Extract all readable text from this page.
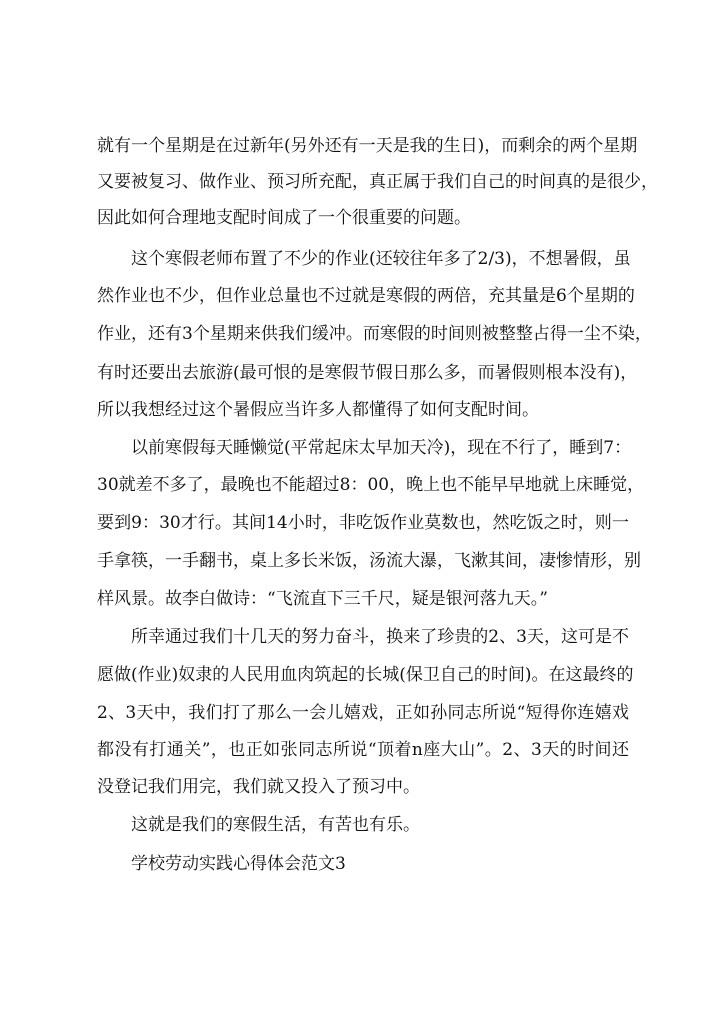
就有一个星期是在过新年(另外还有一天是我的生日)，而剩余的两个星期
又要被复习、做作业、预习所充配，真正属于我们自己的时间真的是很少，
因此如何合理地支配时间成了一个很重要的问题。
这个寒假老师布置了不少的作业(还较往年多了2/3)，不想暑假，虽
然作业也不少，但作业总量也不过就是寒假的两倍，充其量是6个星期的
作业，还有3个星期来供我们缓冲。而寒假的时间则被整整占得一尘不染，
有时还要出去旅游(最可恨的是寒假节假日那么多，而暑假则根本没有)，
所以我想经过这个暑假应当许多人都懂得了如何支配时间。
以前寒假每天睡懒觉(平常起床太早加天冷)，现在不行了，睡到7：
30就差不多了，最晚也不能超过8：00，晚上也不能早早地就上床睡觉，
要到9：30才行。其间14小时，非吃饭作业莫数也，然吃饭之时，则一
手拿筷，一手翻书，桌上多长米饭，汤流大瀑，飞漱其间，凄惨情形，别
样风景。故李白做诗：“飞流直下三千尺，疑是银河落九天。”
所幸通过我们十几天的努力奋斗，换来了珍贵的2、3天，这可是不
愿做(作业)奴隶的人民用血肉筑起的长城(保卫自己的时间)。在这最终的
2、3天中，我们打了那么一会儿嬉戏，正如孙同志所说“短得你连嬉戏
都没有打通关”，也正如张同志所说“顶着n座大山”。2、3天的时间还
没登记我们用完，我们就又投入了预习中。
这就是我们的寒假生活，有苦也有乐。
学校劳动实践心得体会范文3
